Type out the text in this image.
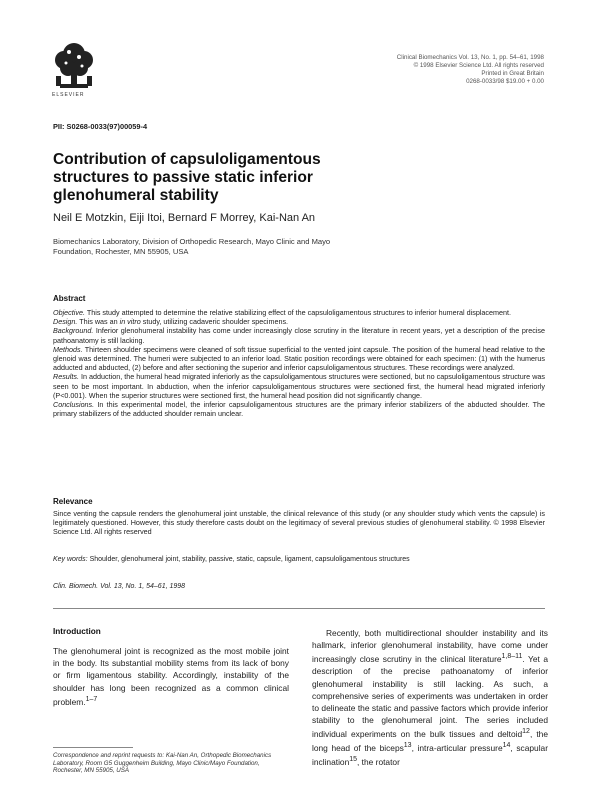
ELSEVIER
Clinical Biomechanics Vol. 13, No. 1, pp. 54–61, 1998
© 1998 Elsevier Science Ltd. All rights reserved
Printed in Great Britain
0268-0033/98 $19.00 + 0.00
PII: S0268-0033(97)00059-4
Contribution of capsuloligamentous structures to passive static inferior glenohumeral stability
Neil E Motzkin, Eiji Itoi, Bernard F Morrey, Kai-Nan An
Biomechanics Laboratory, Division of Orthopedic Research, Mayo Clinic and Mayo Foundation, Rochester, MN 55905, USA
Abstract

Objective. This study attempted to determine the relative stabilizing effect of the capsuloligamentous structures to inferior humeral displacement.

Design. This was an in vitro study, utilizing cadaveric shoulder specimens.

Background. Inferior glenohumeral instability has come under increasingly close scrutiny in the literature in recent years, yet a description of the precise pathoanatomy is still lacking.

Methods. Thirteen shoulder specimens were cleaned of soft tissue superficial to the vented joint capsule. The position of the humeral head relative to the glenoid was determined. The humeri were subjected to an inferior load. Static position recordings were obtained for each specimen: (1) with the humerus adducted and abducted, (2) before and after sectioning the superior and inferior capsuloligamentous structures. These recordings were analyzed.

Results. In adduction, the humeral head migrated inferiorly as the capsuloligamentous structures were sectioned, but no capsuloligamentous structure was seen to be most important. In abduction, when the inferior capsuloligamentous structures were sectioned first, the humeral head migrated inferiorly (P<0.001). When the superior structures were sectioned first, the humeral head position did not significantly change.

Conclusions. In this experimental model, the inferior capsuloligamentous structures are the primary inferior stabilizers of the abducted shoulder. The primary stabilizers of the adducted shoulder remain unclear.

Relevance
Since venting the capsule renders the glenohumeral joint unstable, the clinical relevance of this study (or any shoulder study which vents the capsule) is legitimately questioned. However, this study therefore casts doubt on the legitimacy of several previous studies of glenohumeral stability. © 1998 Elsevier Science Ltd. All rights reserved
Key words: Shoulder, glenohumeral joint, stability, passive, static, capsule, ligament, capsuloligamentous structures
Clin. Biomech. Vol. 13, No. 1, 54–61, 1998
Introduction
The glenohumeral joint is recognized as the most mobile joint in the body. Its substantial mobility stems from its lack of bony or firm ligamentous stability. Accordingly, instability of the shoulder has long been recognized as a common clinical problem.$^{1-7}$
Recently, both multidirectional shoulder instability and its hallmark, inferior glenohumeral instability, have come under increasingly close scrutiny in the clinical literature$^{1,8-11}$. Yet a description of the precise pathoanatomy of inferior glenohumeral instability is still lacking. As such, a comprehensive series of experiments was undertaken in order to delineate the static and passive factors which provide inferior stability to the glenohumeral joint. The series included individual experiments on the bulk tissues and deltoid$^{12}$, the long head of the biceps$^{13}$, intra-articular pressure$^{14}$, scapular inclination$^{15}$, the rotator
Correspondence and reprint requests to: Kai-Nan An, Orthopedic Biomechanics Laboratory, Room G5 Guggenheim Building, Mayo Clinic/Mayo Foundation, Rochester, MN 55905, USA
